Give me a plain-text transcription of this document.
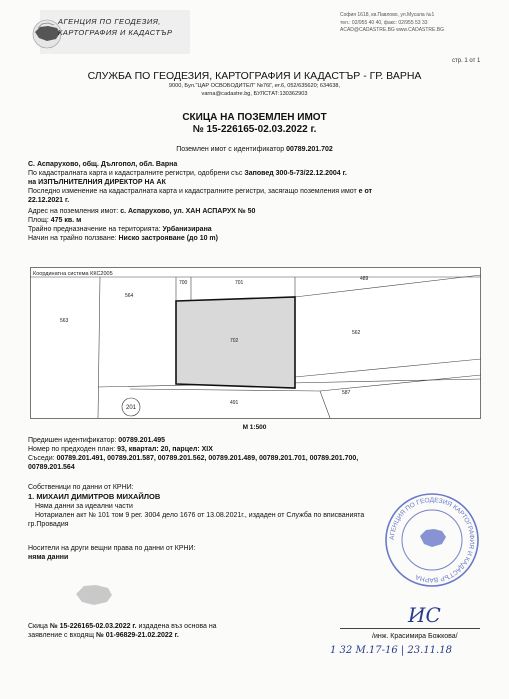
АГЕНЦИЯ ПО ГЕОДЕЗИЯ,
КАРТОГРАФИЯ И КАДАСТЪР
София 1618, кв.Павлово, ул.Мусала №1
тел.: 02/955 40 40, факс: 02/955 53 33
ACAD@CADASTRE.BG www.CADASTRE.BG
стр. 1 от 1
СЛУЖБА ПО ГЕОДЕЗИЯ, КАРТОГРАФИЯ И КАДАСТЪР - ГР. ВАРНА
9000, Бул."ЦАР ОСВОБОДИТЕЛ" №76Г, ет.6, 052/635620; 634638,
varna@cadastre.bg, БУЛСТАТ:130362903
СКИЦА НА ПОЗЕМЛЕН ИМОТ
№ 15-226165-02.03.2022 г.
Поземлен имот с идентификатор 00789.201.702
С. Аспарухово, общ. Дългопол, обл. Варна
По кадастралната карта и кадастралните регистри, одобрени със Заповед 300-5-73/22.12.2004 г.
на ИЗПЪЛНИТЕЛНИЯ ДИРЕКТОР НА АК
Последно изменение на кадастралната карта и кадастралните регистри, засягащо поземления имот е от
22.12.2021 г.
Адрес на поземления имот: с. Аспарухово, ул. ХАН АСПАРУХ № 50
Площ: 475 кв. м
Трайно предназначение на територията: Урбанизирана
Начин на трайно ползване: Ниско застрояване (до 10 m)
Координатна система ККС2005
563
564
700	701
489
702
562
587
491
201
М 1:500
Предишен идентификатор: 00789.201.495
Номер по предходен план: 93, квартал: 20, парцел: XIX
Съседи: 00789.201.491, 00789.201.587, 00789.201.562, 00789.201.489, 00789.201.701, 00789.201.700,
00789.201.564
Собственици по данни от КРНИ:
1. МИХАИЛ ДИМИТРОВ МИХАЙЛОВ
Няма данни за идеални части
Нотариален акт № 101 том 9 рег. 3004 дело 1676 от 13.08.2021г., издаден от Служба по вписванията
гр.Провадия
Носители на други вещни права по данни от КРНИ:
няма данни
АГЕНЦИЯ ПО ГЕОДЕЗИЯ КАРТОГРАФИЯ И КАДАСТЪР ВАРНА
ИС
Скица № 15-226165-02.03.2022 г. издадена въз основа на
заявление с входящ № 01-96829-21.02.2022 г.	/инж. Красимира Божкова/
1 32 М.17-16 | 23.11.18
